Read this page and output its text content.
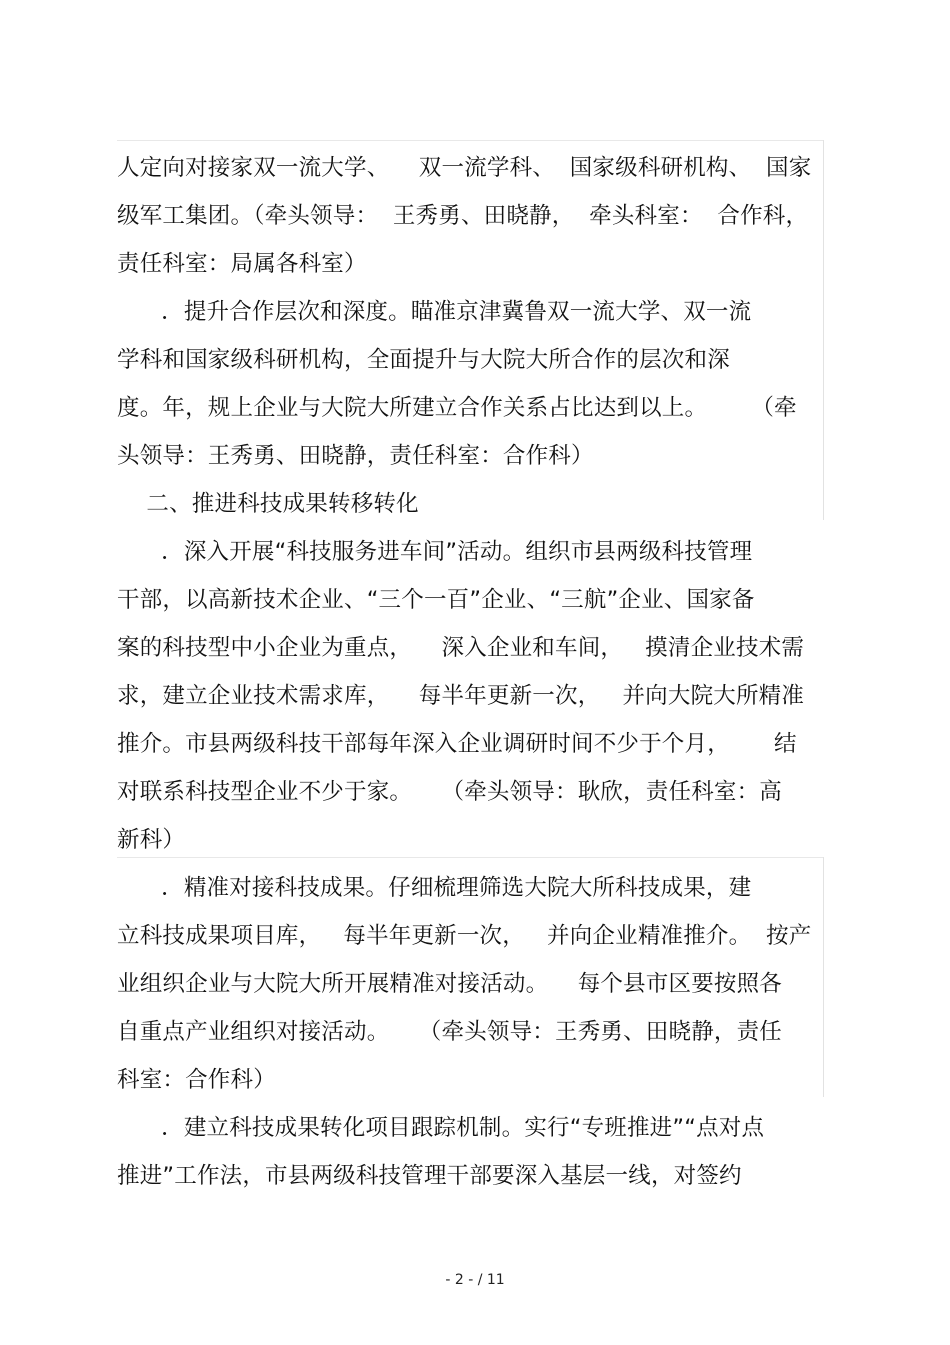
人定向对接家双一流大学、    双一流学科、  国家级科研机构、  国家
级军工集团。（牵头领导：  王秀勇、田晓静，  牵头科室：  合作科，
责任科室：局属各科室）
．提升合作层次和深度。瞄准京津冀鲁双一流大学、双一流
学科和国家级科研机构，全面提升与大院大所合作的层次和深
度。年，规上企业与大院大所建立合作关系占比达到以上。      （牵
头领导：王秀勇、田晓静，责任科室：合作科）
二、推进科技成果转移转化
．深入开展“科技服务进车间”活动。组织市县两级科技管理
干部，以高新技术企业、“三个一百”企业、“三航”企业、国家备
案的科技型中小企业为重点，    深入企业和车间，   摸清企业技术需
求，建立企业技术需求库，    每半年更新一次，   并向大院大所精准
推介。市县两级科技干部每年深入企业调研时间不少于个月，      结
对联系科技型企业不少于家。    （牵头领导：耿欣，责任科室：高
新科）
．精准对接科技成果。仔细梳理筛选大院大所科技成果，建
立科技成果项目库，   每半年更新一次，   并向企业精准推介。  按产
业组织企业与大院大所开展精准对接活动。    每个县市区要按照各
自重点产业组织对接活动。    （牵头领导：王秀勇、田晓静，责任
科室：合作科）
．建立科技成果转化项目跟踪机制。实行“专班推进”“点对点
推进”工作法，市县两级科技管理干部要深入基层一线，对签约
- 2 - / 11
